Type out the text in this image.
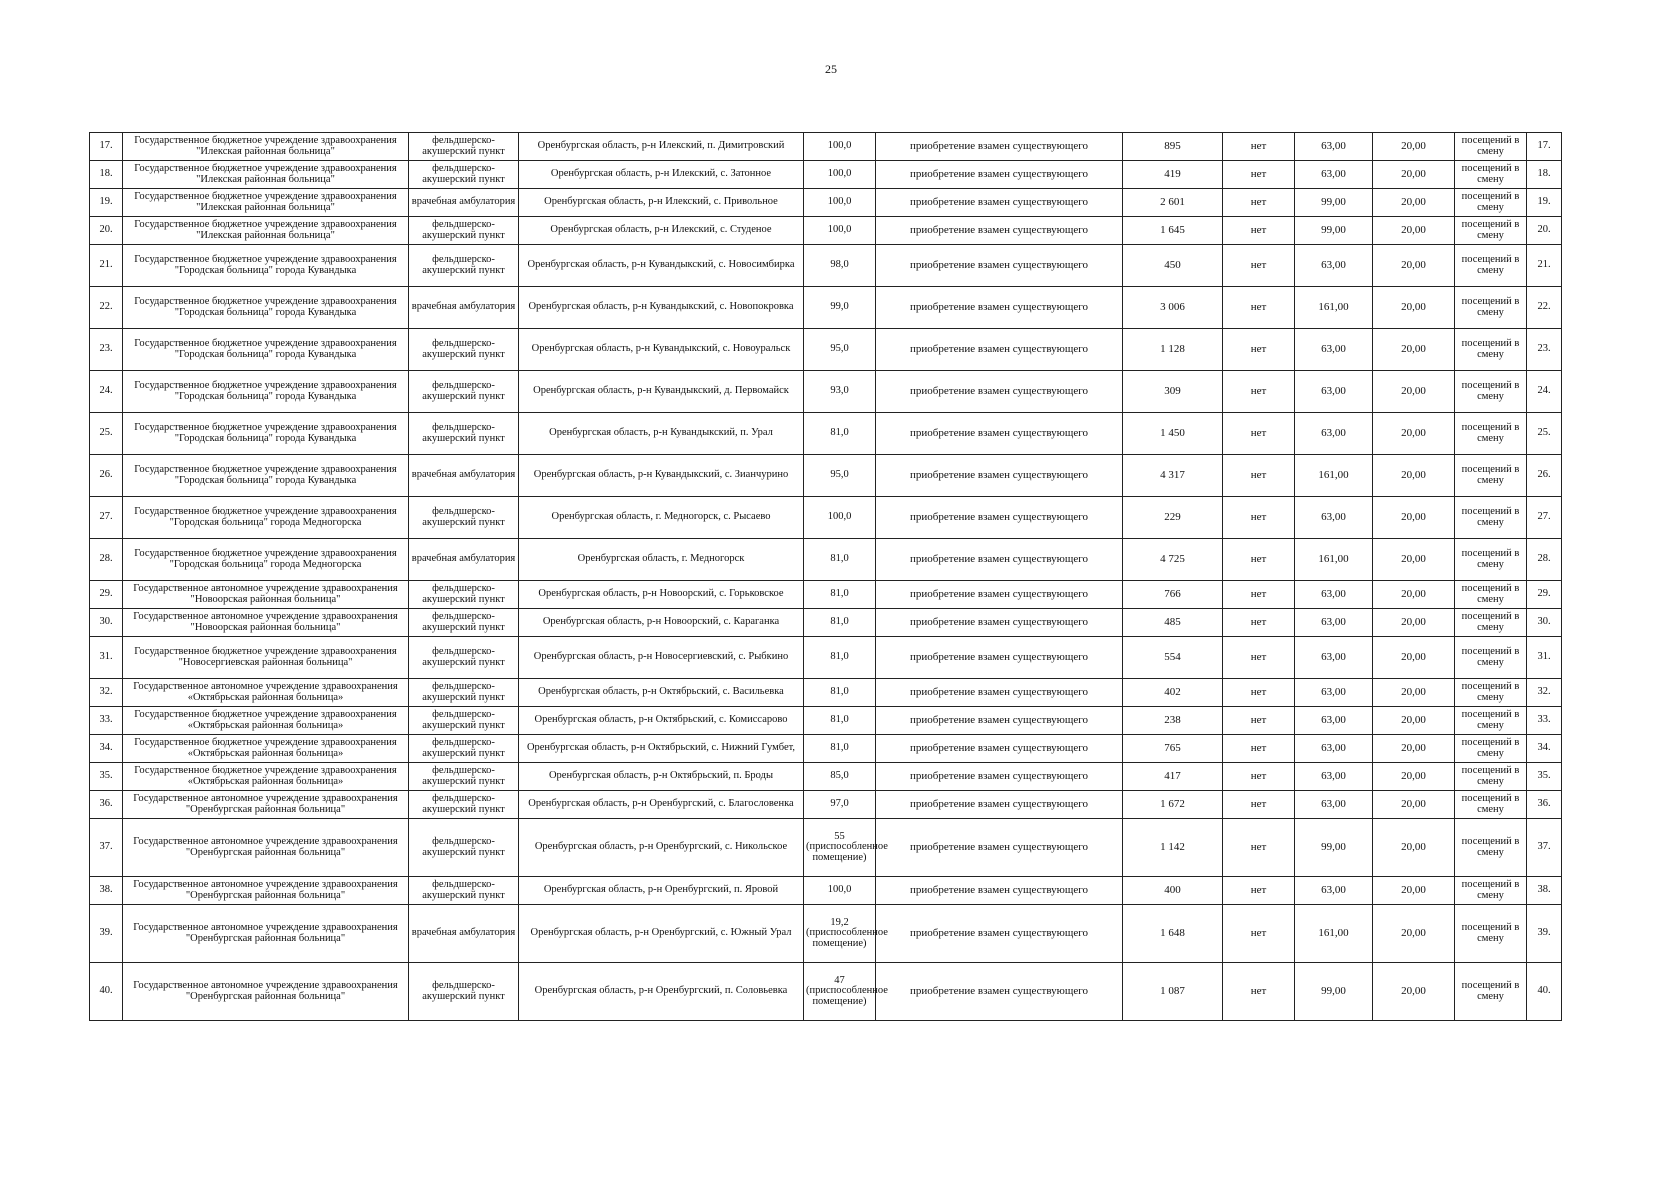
25
17.	Государственное бюджетное учреждение здравоохранения "Илекская районная больница"	фельдшерско-акушерский пункт	Оренбургская область, р-н Илекский, п. Димитровский	100,0	приобретение взамен существующего	895	нет	63,00	20,00	посещений в смену	17.
18.	Государственное бюджетное учреждение здравоохранения "Илекская районная больница"	фельдшерско-акушерский пункт	Оренбургская область, р-н Илекский, с. Затонное	100,0	приобретение взамен существующего	419	нет	63,00	20,00	посещений в смену	18.
19.	Государственное бюджетное учреждение здравоохранения "Илекская районная больница"	врачебная амбулатория	Оренбургская область, р-н Илекский, с. Привольное	100,0	приобретение взамен существующего	2 601	нет	99,00	20,00	посещений в смену	19.
20.	Государственное бюджетное учреждение здравоохранения "Илекская районная больница"	фельдшерско-акушерский пункт	Оренбургская область, р-н Илекский, с. Студеное	100,0	приобретение взамен существующего	1 645	нет	99,00	20,00	посещений в смену	20.
21.	Государственное бюджетное учреждение здравоохранения "Городская больница" города Кувандыка	фельдшерско-акушерский пункт	Оренбургская область, р-н Кувандыкский, с. Новосимбирка	98,0	приобретение взамен существующего	450	нет	63,00	20,00	посещений в смену	21.
22.	Государственное бюджетное учреждение здравоохранения "Городская больница" города Кувандыка	врачебная амбулатория	Оренбургская область, р-н Кувандыкский, с. Новопокровка	99,0	приобретение взамен существующего	3 006	нет	161,00	20,00	посещений в смену	22.
23.	Государственное бюджетное учреждение здравоохранения "Городская больница" города Кувандыка	фельдшерско-акушерский пункт	Оренбургская область, р-н Кувандыкский, с. Новоуральск	95,0	приобретение взамен существующего	1 128	нет	63,00	20,00	посещений в смену	23.
24.	Государственное бюджетное учреждение здравоохранения "Городская больница" города Кувандыка	фельдшерско-акушерский пункт	Оренбургская область, р-н Кувандыкский, д. Первомайск	93,0	приобретение взамен существующего	309	нет	63,00	20,00	посещений в смену	24.
25.	Государственное бюджетное учреждение здравоохранения "Городская больница" города Кувандыка	фельдшерско-акушерский пункт	Оренбургская область, р-н Кувандыкский, п. Урал	81,0	приобретение взамен существующего	1 450	нет	63,00	20,00	посещений в смену	25.
26.	Государственное бюджетное учреждение здравоохранения "Городская больница" города Кувандыка	врачебная амбулатория	Оренбургская область, р-н Кувандыкский, с. Зианчурино	95,0	приобретение взамен существующего	4 317	нет	161,00	20,00	посещений в смену	26.
27.	Государственное бюджетное учреждение здравоохранения "Городская больница" города Медногорска	фельдшерско-акушерский пункт	Оренбургская область, г. Медногорск, с. Рысаево	100,0	приобретение взамен существующего	229	нет	63,00	20,00	посещений в смену	27.
28.	Государственное бюджетное учреждение здравоохранения "Городская больница" города Медногорска	врачебная амбулатория	Оренбургская область, г. Медногорск	81,0	приобретение взамен существующего	4 725	нет	161,00	20,00	посещений в смену	28.
29.	Государственное автономное учреждение здравоохранения "Новоорская районная больница"	фельдшерско-акушерский пункт	Оренбургская область, р-н Новоорский, с. Горьковское	81,0	приобретение взамен существующего	766	нет	63,00	20,00	посещений в смену	29.
30.	Государственное автономное учреждение здравоохранения "Новоорская районная больница"	фельдшерско-акушерский пункт	Оренбургская область, р-н Новоорский, с. Караганка	81,0	приобретение взамен существующего	485	нет	63,00	20,00	посещений в смену	30.
31.	Государственное бюджетное учреждение здравоохранения "Новосергиевская районная больница"	фельдшерско-акушерский пункт	Оренбургская область, р-н Новосергиевский, с. Рыбкино	81,0	приобретение взамен существующего	554	нет	63,00	20,00	посещений в смену	31.
32.	Государственное автономное учреждение здравоохранения «Октябрьская районная больница»	фельдшерско-акушерский пункт	Оренбургская область, р-н Октябрьский, с. Васильевка	81,0	приобретение взамен существующего	402	нет	63,00	20,00	посещений в смену	32.
33.	Государственное бюджетное учреждение здравоохранения «Октябрьская районная больница»	фельдшерско-акушерский пункт	Оренбургская область, р-н Октябрьский, с. Комиссарово	81,0	приобретение взамен существующего	238	нет	63,00	20,00	посещений в смену	33.
34.	Государственное бюджетное учреждение здравоохранения «Октябрьская районная больница»	фельдшерско-акушерский пункт	Оренбургская область, р-н Октябрьский, с. Нижний Гумбет,	81,0	приобретение взамен существующего	765	нет	63,00	20,00	посещений в смену	34.
35.	Государственное бюджетное учреждение здравоохранения «Октябрьская районная больница»	фельдшерско-акушерский пункт	Оренбургская область, р-н Октябрьский, п. Броды	85,0	приобретение взамен существующего	417	нет	63,00	20,00	посещений в смену	35.
36.	Государственное автономное учреждение здравоохранения "Оренбургская районная больница"	фельдшерско-акушерский пункт	Оренбургская область, р-н Оренбургский, с. Благословенка	97,0	приобретение взамен существующего	1 672	нет	63,00	20,00	посещений в смену	36.
37.	Государственное автономное учреждение здравоохранения "Оренбургская районная больница"	фельдшерско-акушерский пункт	Оренбургская область, р-н Оренбургский, с. Никольское	55 (приспособленное помещение)	приобретение взамен существующего	1 142	нет	99,00	20,00	посещений в смену	37.
38.	Государственное автономное учреждение здравоохранения "Оренбургская районная больница"	фельдшерско-акушерский пункт	Оренбургская область, р-н Оренбургский, п. Яровой	100,0	приобретение взамен существующего	400	нет	63,00	20,00	посещений в смену	38.
39.	Государственное автономное учреждение здравоохранения "Оренбургская районная больница"	врачебная амбулатория	Оренбургская область, р-н Оренбургский, с. Южный Урал	19,2 (приспособленное помещение)	приобретение взамен существующего	1 648	нет	161,00	20,00	посещений в смену	39.
40.	Государственное автономное учреждение здравоохранения "Оренбургская районная больница"	фельдшерско-акушерский пункт	Оренбургская область, р-н Оренбургский, п. Соловьевка	47 (приспособленное помещение)	приобретение взамен существующего	1 087	нет	99,00	20,00	посещений в смену	40.
